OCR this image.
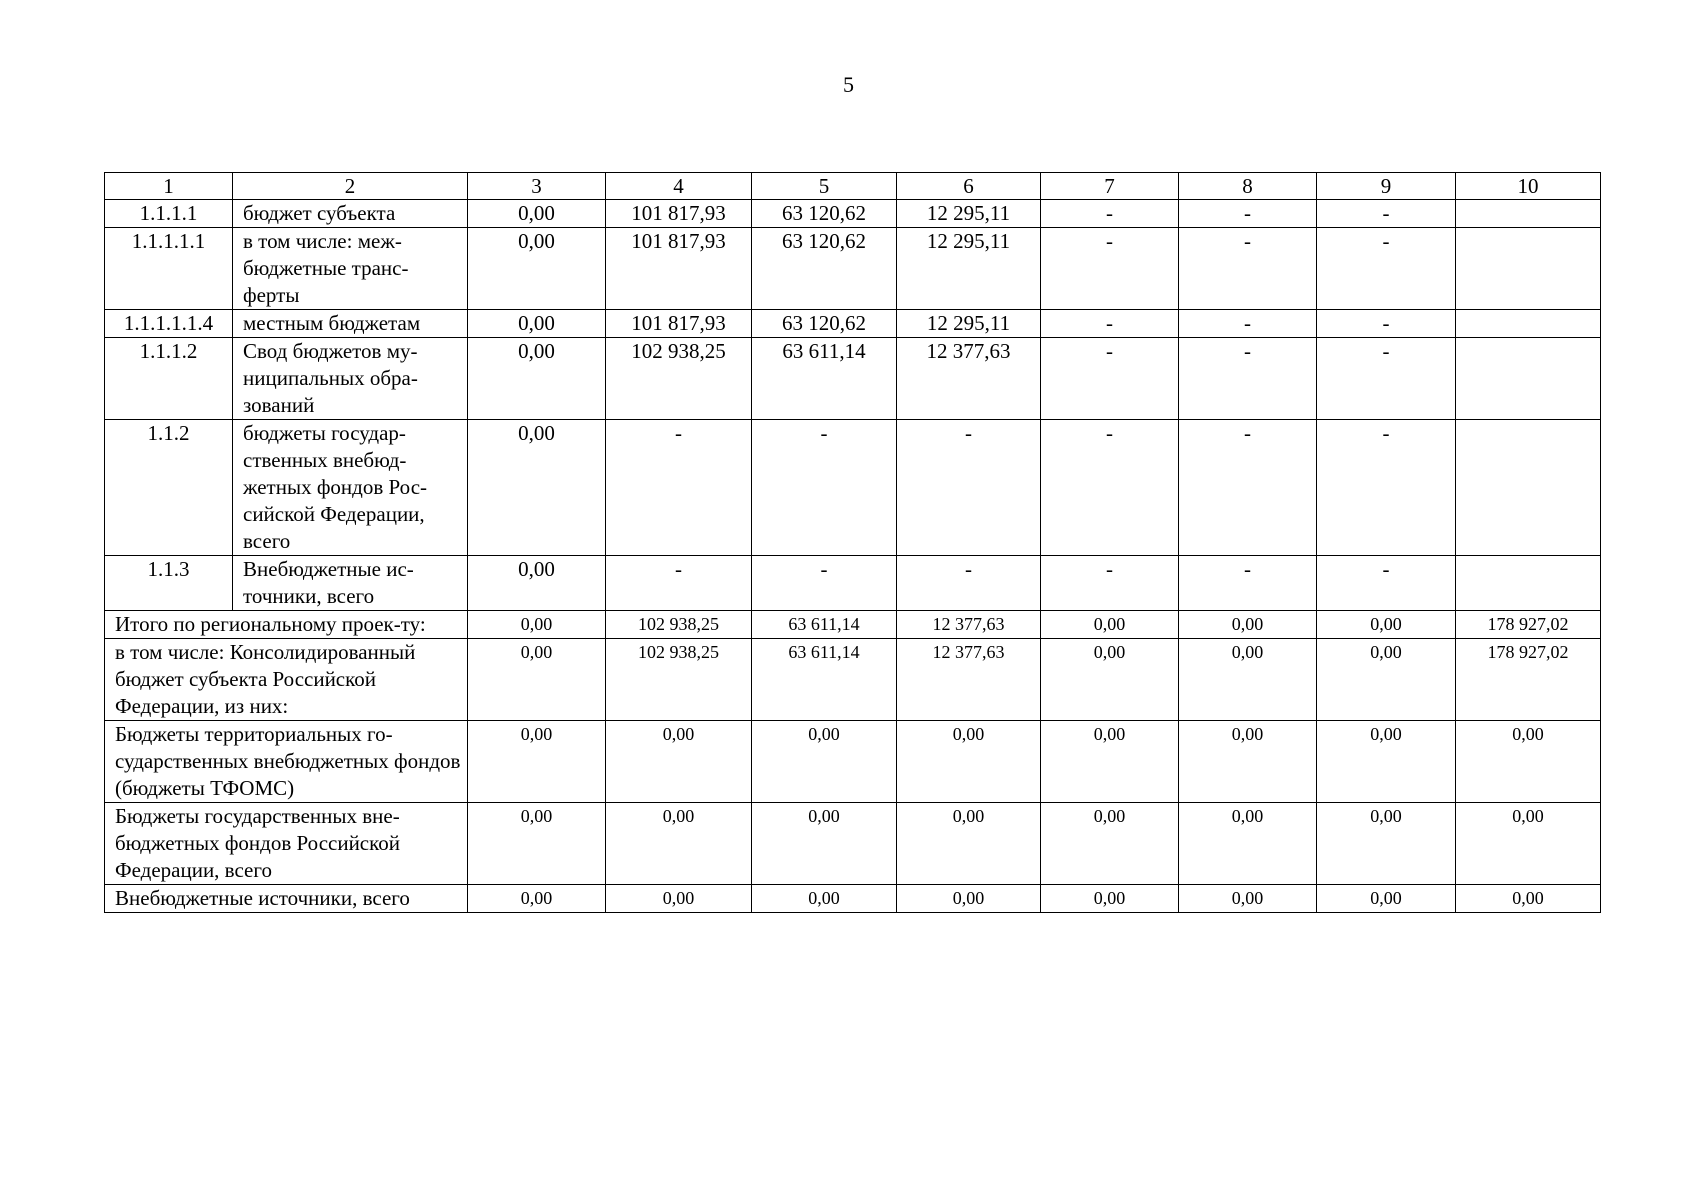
5
1	2	3	4	5	6	7	8	9	10
1.1.1.1	бюджет субъекта	0,00	101 817,93	63 120,62	12 295,11	-	-	-	
1.1.1.1.1	в том числе: меж-бюджетные транс-ферты	0,00	101 817,93	63 120,62	12 295,11	-	-	-	
1.1.1.1.1.4	местным бюджетам	0,00	101 817,93	63 120,62	12 295,11	-	-	-	
1.1.1.2	Свод бюджетов му-ниципальных обра-зований	0,00	102 938,25	63 611,14	12 377,63	-	-	-	
1.1.2	бюджеты государ-ственных внебюд-жетных фондов Рос-сийской Федерации, всего	0,00	-	-	-	-	-	-	
1.1.3	Внебюджетные ис-точники, всего	0,00	-	-	-	-	-	-	
Итого по региональному проек-ту:		0,00	102 938,25	63 611,14	12 377,63	0,00	0,00	0,00	178 927,02
в том числе: Консолидированный бюджет субъекта Российской Федерации, из них:		0,00	102 938,25	63 611,14	12 377,63	0,00	0,00	0,00	178 927,02
Бюджеты территориальных го-сударственных внебюджетных фондов (бюджеты ТФОМС)		0,00	0,00	0,00	0,00	0,00	0,00	0,00	0,00
Бюджеты государственных вне-бюджетных фондов Российской Федерации, всего		0,00	0,00	0,00	0,00	0,00	0,00	0,00	0,00
Внебюджетные источники, всего		0,00	0,00	0,00	0,00	0,00	0,00	0,00	0,00
